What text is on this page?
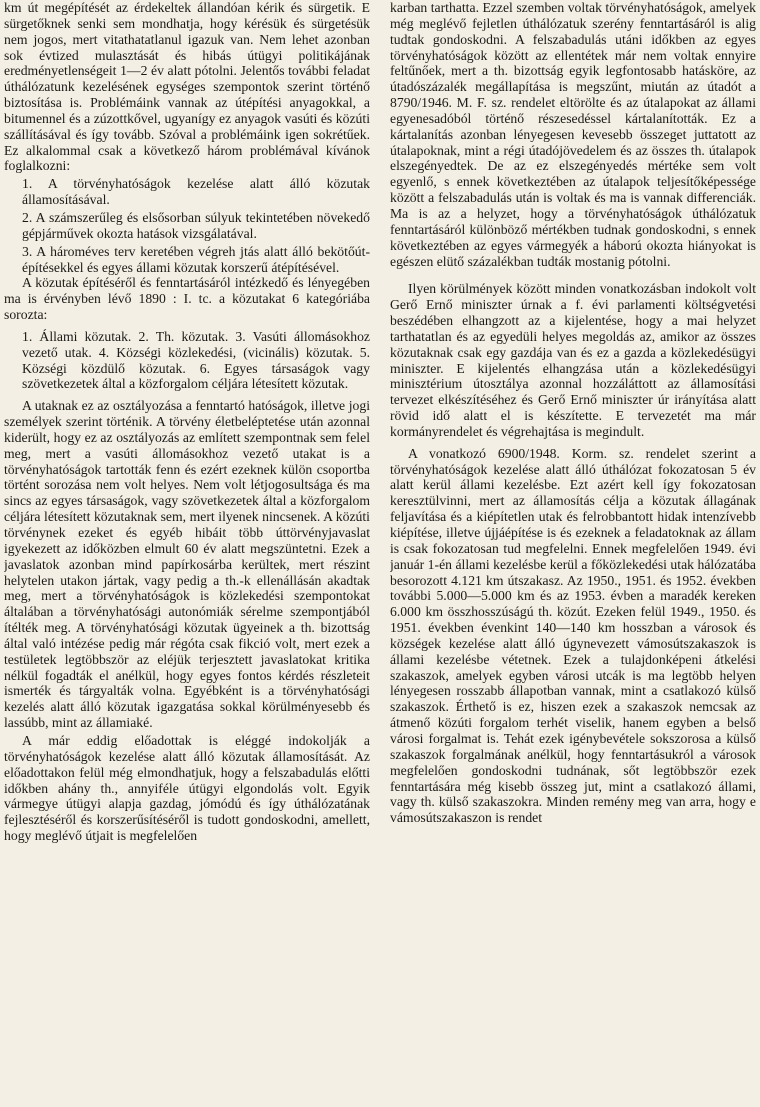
km út megépítését az érdekeltek állandóan kérik és sürgetik. E sürgetőknek senki sem mondhatja, hogy kérésük és sürgetésük nem jogos, mert vitathatatlanul igazuk van. Nem lehet azonban sok évtized mulasztását és hibás útügyi politikájának eredményetlenségeit 1—2 év alatt pótolni. Jelentős további feladat úthálózatunk kezelésének egységes szempontok szerint történő biztosítása is. Problémáink vannak az útépítési anyagokkal, a bitumennel és a zúzottkővel, ugyanígy ez anyagok vasúti és közúti szállításával és így tovább. Szóval a problémáink igen sokrétűek. Ez alkalommal csak a következő három problémával kívánok foglalkozni:

1. A törvényhatóságok kezelése alatt álló közutak államosításával.

2. A számszerűleg és elsősorban súlyuk tekintetében növekedő gépjárművek okozta hatások vizsgálatával.

3. A hároméves terv keretében végreh jtás alatt álló bekötőút-építésekkel és egyes állami közutak korszerű átépítésével.

A közutak építéséről és fenntartásáról intézkedő és lényegében ma is érvényben lévő 1890 : I. tc. a közutakat 6 kategóriába sorozta:

1. Állami közutak. 2. Th. közutak. 3. Vasúti állomásokhoz vezető utak. 4. Községi közlekedési, (vicinális) közutak. 5. Községi közdülő közutak. 6. Egyes társaságok vagy szövetkezetek által a közforgalom céljára létesített közutak.

A utaknak ez az osztályozása a fenntartó hatóságok, illetve jogi személyek szerint történik. A törvény életbeléptetése után azonnal kiderült, hogy ez az osztályozás az említett szempontnak sem felel meg, mert a vasúti állomásokhoz vezető utakat is a törvényhatóságok tartották fenn és ezért ezeknek külön csoportba történt sorozása nem volt helyes. Nem volt létjogosultsága és ma sincs az egyes társaságok, vagy szövetkezetek által a közforgalom céljára létesített közutaknak sem, mert ilyenek nincsenek. A közúti törvénynek ezeket és egyéb hibáit több úttörvényjavaslat igyekezett az időközben elmult 60 év alatt megszüntetni. Ezek a javaslatok azonban mind papírkosárba kerültek, mert részint helytelen utakon jártak, vagy pedig a th.-k ellenállásán akadtak meg, mert a törvényhatóságok is közlekedési szempontokat általában a törvényhatósági autonómiák sérelme szempontjából ítélték meg. A törvényhatósági közutak ügyeinek a th. bizottság által való intézése pedig már régóta csak fikció volt, mert ezek a testületek legtöbbször az eléjük terjesztett javaslatokat kritika nélkül fogadták el anélkül, hogy egyes fontos kérdés részleteit ismerték és tárgyalták volna. Egyébként is a törvényhatósági kezelés alatt álló közutak igazgatása sokkal körülményesebb és lassúbb, mint az államiaké.

A már eddig előadottak is eléggé indokolják a törvényhatóságok kezelése alatt álló közutak államosítását. Az előadottakon felül még elmondhatjuk, hogy a felszabadulás előtti időkben ahány th., annyiféle útügyi elgondolás volt. Egyik vármegye útügyi alapja gazdag, jómódú és így úthálózatának fejlesztéséről és korszerűsítéséről is tudott gondoskodni, amellett, hogy meglévő útjait is megfelelően

karban tarthatta. Ezzel szemben voltak törvényhatóságok, amelyek még meglévő fejletlen úthálózatuk szerény fenntartásáról is alig tudtak gondoskodni. A felszabadulás utáni időkben az egyes törvényhatóságok között az ellentétek már nem voltak ennyire feltűnőek, mert a th. bizottság egyik legfontosabb hatásköre, az útadószázalék megállapítása is megszűnt, miután az útadót a 8790/1946. M. F. sz. rendelet eltörölte és az útalapokat az állami egyenesadóból történő részesedéssel kártalanították. Ez a kártalanítás azonban lényegesen kevesebb összeget juttatott az útalapoknak, mint a régi útadójövedelem és az összes th. útalapok elszegényedtek. De az ez elszegényedés mértéke sem volt egyenlő, s ennek következtében az útalapok teljesítőképessége között a felszabadulás után is voltak és ma is vannak differenciák. Ma is az a helyzet, hogy a törvényhatóságok úthálózatuk fenntartásáról különböző mértékben tudnak gondoskodni, s ennek következtében az egyes vármegyék a háború okozta hiányokat is egészen elütő százalékban tudták mostanig pótolni.

Ilyen körülmények között minden vonatkozásban indokolt volt Gerő Ernő miniszter úrnak a f. évi parlamenti költségvetési beszédében elhangzott az a kijelentése, hogy a mai helyzet tarthatatlan és az egyedüli helyes megoldás az, amikor az összes közutaknak csak egy gazdája van és ez a gazda a közlekedésügyi miniszter. E kijelentés elhangzása után a közlekedésügyi minisztérium útosztálya azonnal hozzáláttott az államosítási tervezet elkészítéséhez és Gerő Ernő miniszter úr irányítása alatt rövid idő alatt el is készítette. E tervezetét ma már kormányrendelet és végrehajtása is megindult.

A vonatkozó 6900/1948. Korm. sz. rendelet szerint a törvényhatóságok kezelése alatt álló úthálózat fokozatosan 5 év alatt kerül állami kezelésbe. Ezt azért kell így fokozatosan keresztülvinni, mert az államosítás célja a közutak állagának feljavítása és a kiépítetlen utak és felrobbantott hidak intenzívebb kiépítése, illetve újjáépítése is és ezeknek a feladatoknak az állam is csak fokozatosan tud megfelelni. Ennek megfelelően 1949. évi január 1-én állami kezelésbe kerül a főközlekedési utak hálózatába besorozott 4.121 km útszakasz. Az 1950., 1951. és 1952. években további 5.000—5.000 km és az 1953. évben a maradék kereken 6.000 km összhosszúságú th. közút. Ezeken felül 1949., 1950. és 1951. években évenkint 140—140 km hosszban a városok és községek kezelése alatt álló úgynevezett vámosútszakaszok is állami kezelésbe vétetnek. Ezek a tulajdonképeni átkelési szakaszok, amelyek egyben városi utcák is ma legtöbb helyen lényegesen rosszabb állapotban vannak, mint a csatlakozó külső szakaszok. Érthető is ez, hiszen ezek a szakaszok nemcsak az átmenő közúti forgalom terhét viselik, hanem egyben a belső városi forgalmat is. Tehát ezek igénybevétele sokszorosa a külső szakaszok forgalmának anélkül, hogy fenntartásukról a városok megfelelően gondoskodni tudnának, sőt legtöbbször ezek fenntartására még kisebb összeg jut, mint a csatlakozó állami, vagy th. külső szakaszokra. Minden remény meg van arra, hogy e vámosútszakaszon is rendet
